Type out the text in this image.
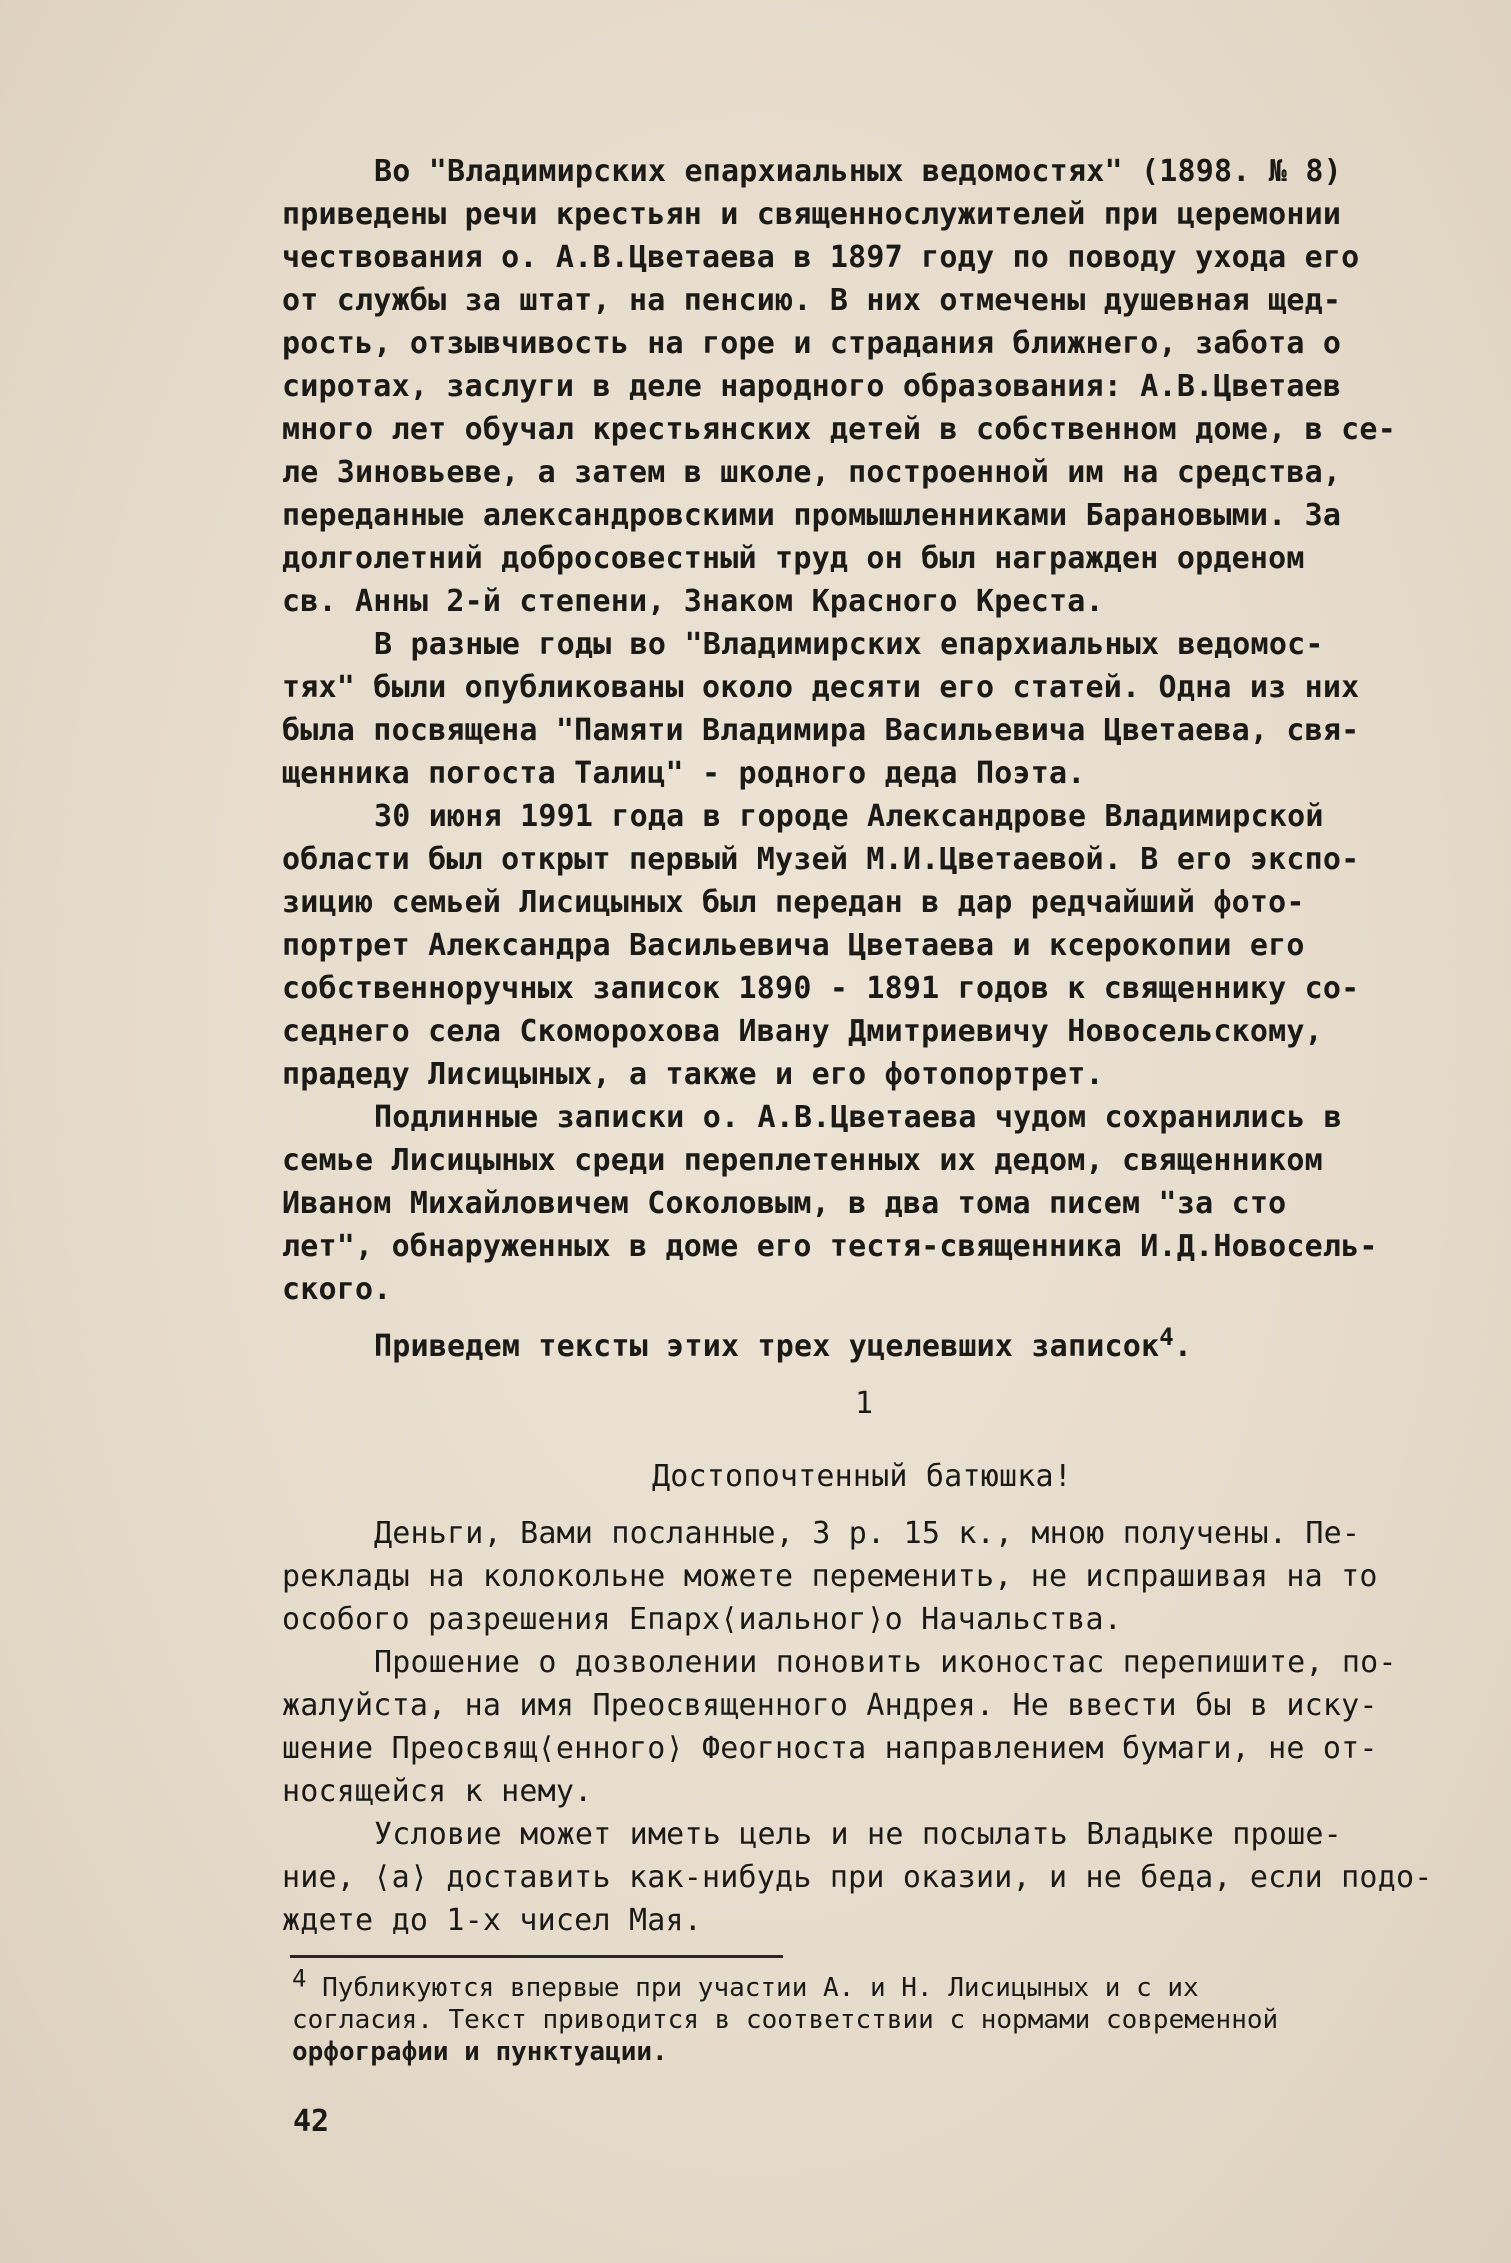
Во "Владимирских епархиальных ведомостях" (1898. № 8)
приведены речи крестьян и священнослужителей при церемонии
чествования о. А.В.Цветаева в 1897 году по поводу ухода его
от службы за штат, на пенсию. В них отмечены душевная щед-
рость, отзывчивость на горе и страдания ближнего, забота о
сиротах, заслуги в деле народного образования: А.В.Цветаев
много лет обучал крестьянских детей в собственном доме, в се-
ле Зиновьеве, а затем в школе, построенной им на средства,
переданные александровскими промышленниками Барановыми. За
долголетний добросовестный труд он был награжден орденом
св. Анны 2-й степени, Знаком Красного Креста.
В разные годы во "Владимирских епархиальных ведомос-
тях" были опубликованы около десяти его статей. Одна из них
была посвящена "Памяти Владимира Васильевича Цветаева, свя-
щенника погоста Талиц" - родного деда Поэта.
30 июня 1991 года в городе Александрове Владимирской
области был открыт первый Музей М.И.Цветаевой. В его экспо-
зицию семьей Лисицыных был передан в дар редчайший фото-
портрет Александра Васильевича Цветаева и ксерокопии его
собственноручных записок 1890 - 1891 годов к священнику со-
седнего села Скоморохова Ивану Дмитриевичу Новосельскому,
прадеду Лисицыных, а также и его фотопортрет.
Подлинные записки о. А.В.Цветаева чудом сохранились в
семье Лисицыных среди переплетенных их дедом, священником
Иваном Михайловичем Соколовым, в два тома писем "за сто
лет", обнаруженных в доме его тестя-священника И.Д.Новосель-
ского.
Приведем тексты этих трех уцелевших записок$^4$.
1
Достопочтенный батюшка!
Деньги, Вами посланные, 3 р. 15 к., мною получены. Пе-
реклады на колокольне можете переменить, не испрашивая на то
особого разрешения Епарх⟨иальног⟩о Начальства.
Прошение о дозволении поновить иконостас перепишите, по-
жалуйста, на имя Преосвященного Андрея. Не ввести бы в иску-
шение Преосвящ⟨енного⟩ Феогноста направлением бумаги, не от-
носящейся к нему.
Условие может иметь цель и не посылать Владыке проше-
ние, ⟨а⟩ доставить как-нибудь при оказии, и не беда, если подо-
ждете до 1-х чисел Мая.
4 Публикуются впервые при участии А. и Н. Лисицыных и с их
согласия. Текст приводится в соответствии с нормами современной
орфографии и пунктуации.
42
